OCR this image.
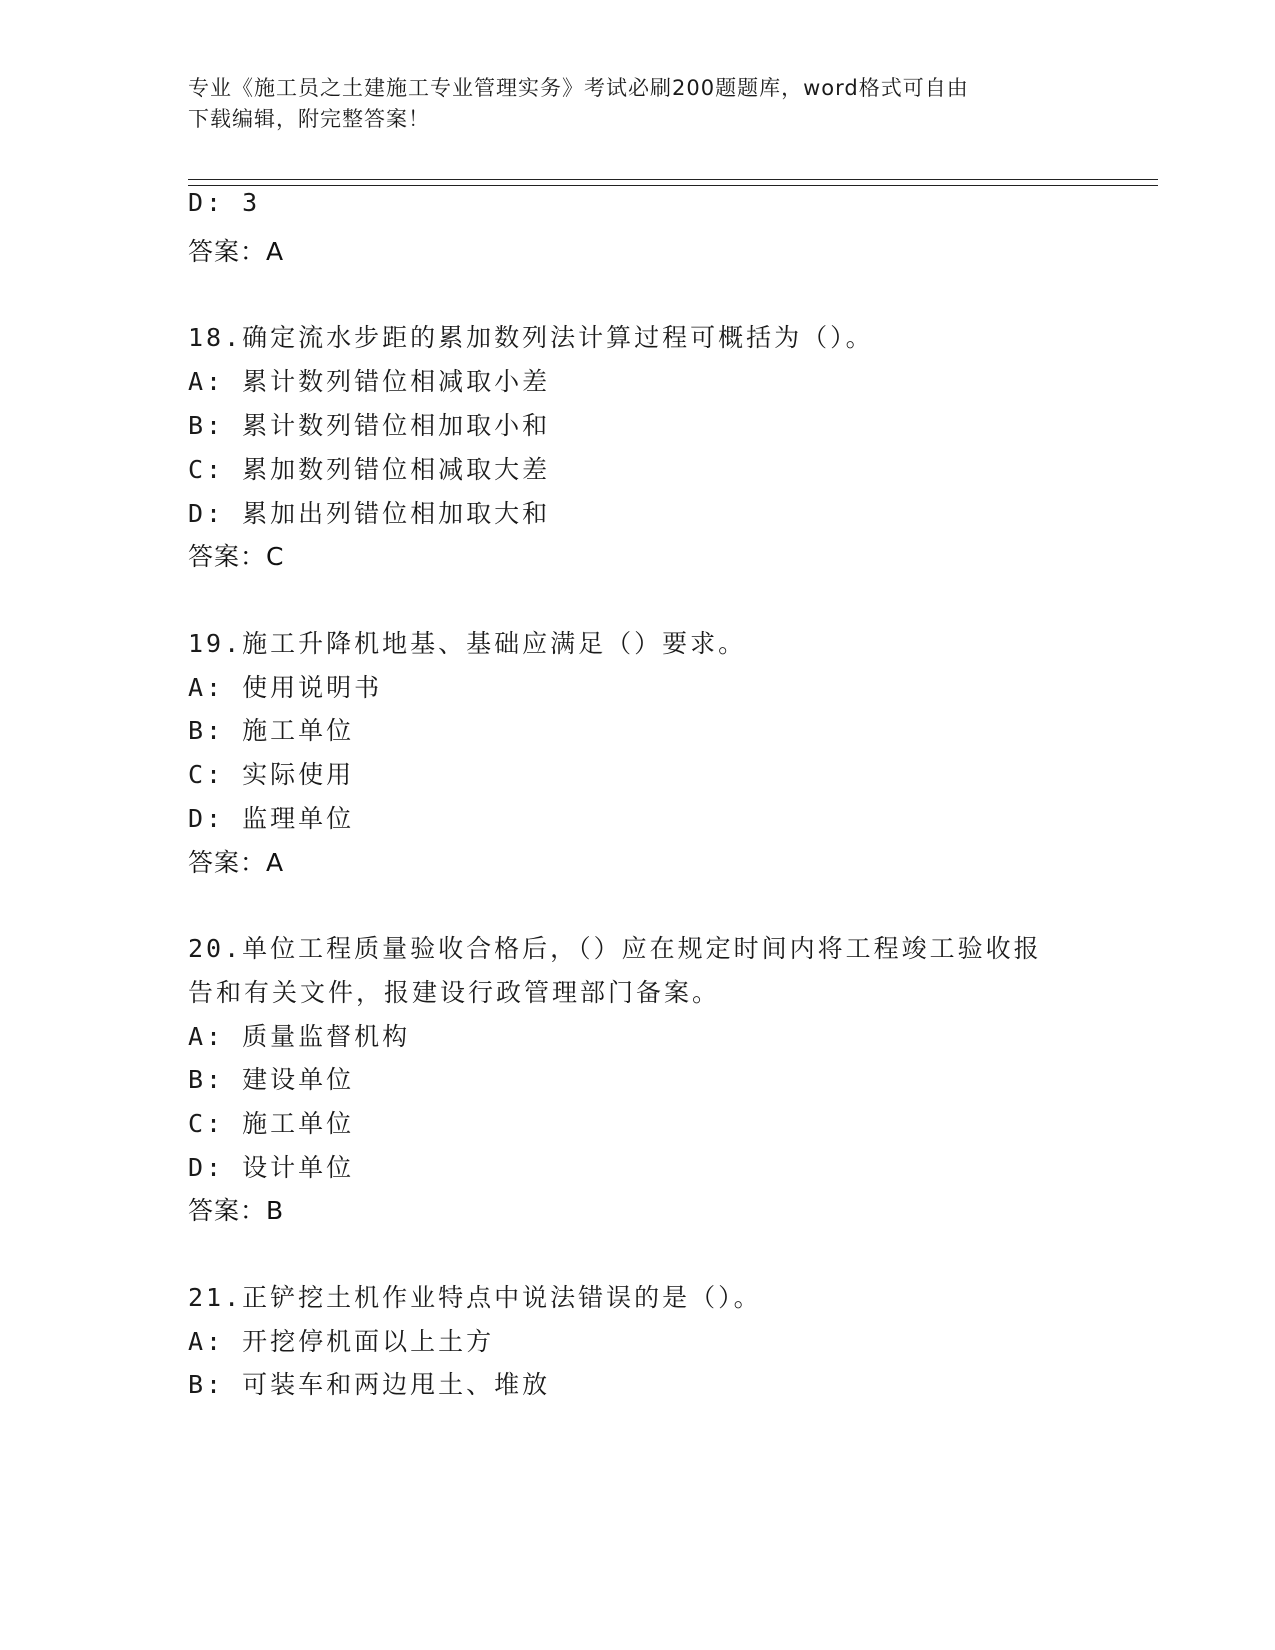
专业《施工员之土建施工专业管理实务》考试必刷200题题库，word格式可自由
下载编辑，附完整答案！
D: 3
答案：A
18.确定流水步距的累加数列法计算过程可概括为（）。
A: 累计数列错位相减取小差
B: 累计数列错位相加取小和
C: 累加数列错位相减取大差
D: 累加出列错位相加取大和
答案：C
19.施工升降机地基、基础应满足（）要求。
A: 使用说明书
B: 施工单位
C: 实际使用
D: 监理单位
答案：A
20.单位工程质量验收合格后，（）应在规定时间内将工程竣工验收报
告和有关文件，报建设行政管理部门备案。
A: 质量监督机构
B: 建设单位
C: 施工单位
D: 设计单位
答案：B
21.正铲挖土机作业特点中说法错误的是（）。
A: 开挖停机面以上土方
B: 可装车和两边甩土、堆放
